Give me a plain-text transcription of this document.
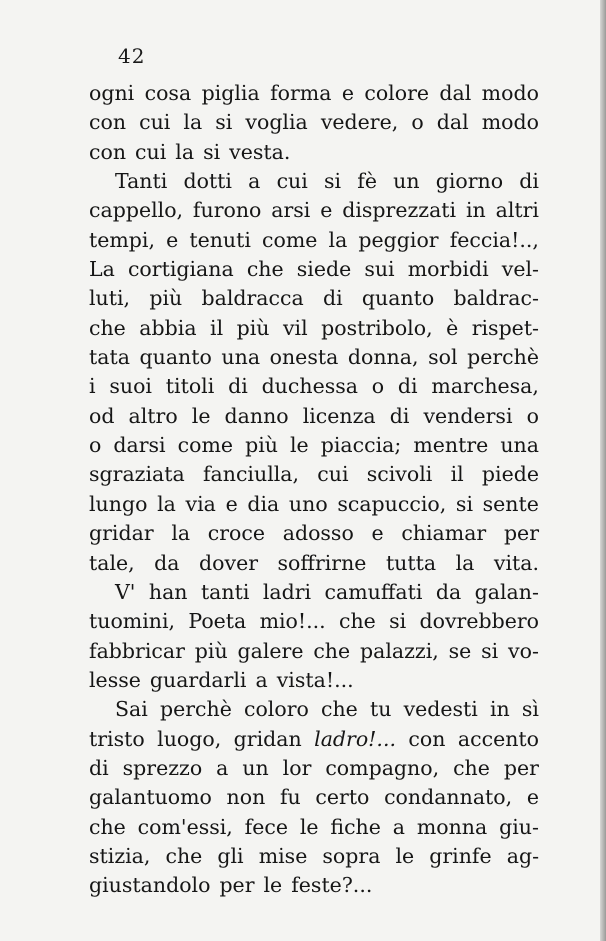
42
ogni cosa piglia forma e colore dal modo
con cui la si voglia vedere, o dal modo
con cui la si vesta.
Tanti dotti a cui si fè un giorno di
cappello, furono arsi e disprezzati in altri
tempi, e tenuti come la peggior feccia!..,
La cortigiana che siede sui morbidi vel-
luti, più baldracca di quanto baldrac-
che abbia il più vil postribolo, è rispet-
tata quanto una onesta donna, sol perchè
i suoi titoli di duchessa o di marchesa,
od altro le danno licenza di vendersi o
o darsi come più le piaccia; mentre una
sgraziata fanciulla, cui scivoli il piede
lungo la via e dia uno scapuccio, si sente
gridar la croce adosso e chiamar per
tale, da dover soffrirne tutta la vita.
V' han tanti ladri camuffati da galan-
tuomini, Poeta mio!... che si dovrebbero
fabbricar più galere che palazzi, se si vo-
lesse guardarli a vista!...
Sai perchè coloro che tu vedesti in sì
tristo luogo, gridan ladro!... con accento
di sprezzo a un lor compagno, che per
galantuomo non fu certo condannato, e
che com'essi, fece le fiche a monna giu-
stizia, che gli mise sopra le grinfe ag-
giustandolo per le feste?...
